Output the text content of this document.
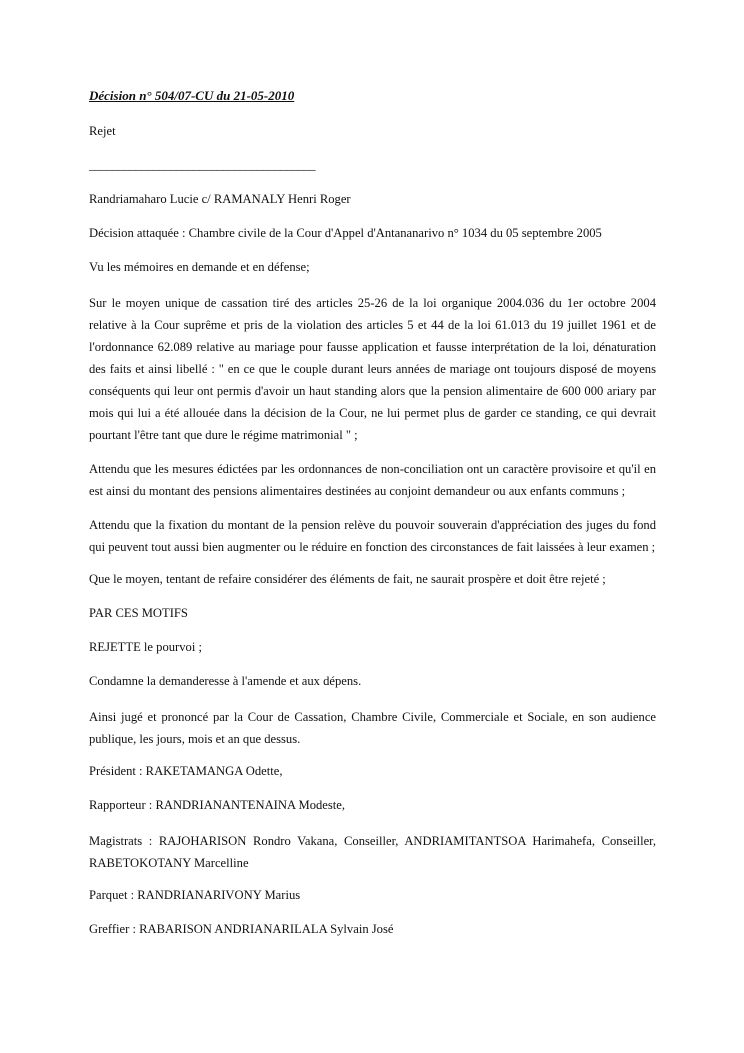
Décision n° 504/07-CU du 21-05-2010

Rejet

_______________________________________

Randriamaharo Lucie c/ RAMANALY Henri Roger

Décision attaquée : Chambre civile de la Cour d'Appel d'Antananarivo n° 1034 du 05 septembre 2005

Vu les mémoires en demande et en défense;

Sur le moyen unique de cassation tiré des articles 25-26 de la loi organique 2004.036 du 1er octobre 2004 relative à la Cour suprême et pris de la violation des articles 5 et 44 de la loi 61.013 du 19 juillet 1961 et de l'ordonnance 62.089 relative au mariage pour fausse application et fausse interprétation de la loi, dénaturation des faits et ainsi libellé : " en ce que le couple durant leurs années de mariage ont toujours disposé de moyens conséquents qui leur ont permis d'avoir un haut standing alors que la pension alimentaire de 600 000 ariary par mois qui lui a été allouée dans la décision de la Cour, ne lui permet plus de garder ce standing, ce qui devrait pourtant l'être tant que dure le régime matrimonial " ;

Attendu que les mesures édictées par les ordonnances de non-conciliation ont un caractère provisoire et qu'il en est ainsi du montant des pensions alimentaires destinées au conjoint demandeur ou aux enfants communs ;

Attendu que la fixation du montant de la pension relève du pouvoir souverain d'appréciation des juges du fond qui peuvent tout aussi bien augmenter ou le réduire en fonction des circonstances de fait laissées à leur examen ;

Que le moyen, tentant de refaire considérer des éléments de fait, ne saurait prospère et doit être rejeté ;

PAR CES MOTIFS

REJETTE le pourvoi ;

Condamne la demanderesse à l'amende et aux dépens.

Ainsi jugé et prononcé par la Cour de Cassation, Chambre Civile, Commerciale et Sociale, en son audience publique, les jours, mois et an que dessus.

Président : RAKETAMANGA Odette,

Rapporteur : RANDRIANANTENAINA Modeste,

Magistrats : RAJOHARISON Rondro Vakana, Conseiller, ANDRIAMITANTSOA Harimahefa, Conseiller, RABETOKOTANY Marcelline

Parquet : RANDRIANARIVONY Marius

Greffier : RABARISON ANDRIANARILALA Sylvain José
